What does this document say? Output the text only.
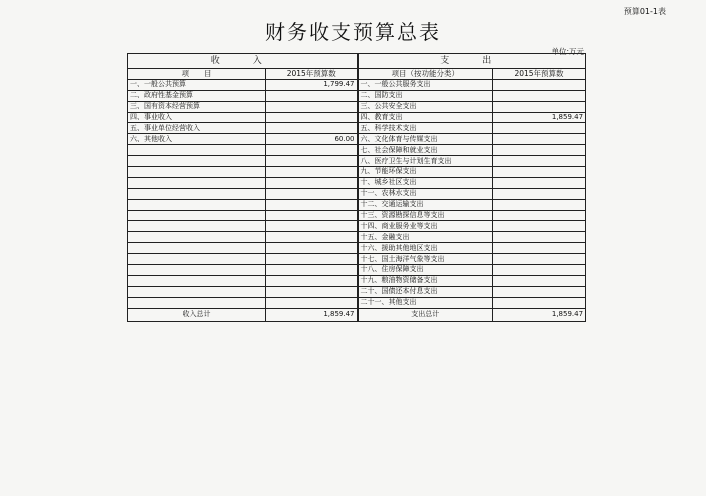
预算01-1表
财务收支预算总表
单位:万元
收　入		支　出	
项　　目	2015年预算数	项目（按功能分类）	2015年预算数
一、一般公共预算	1,799.47	一、一般公共服务支出	
二、政府性基金预算		二、国防支出	
三、国有资本经营预算		三、公共安全支出	
四、事业收入		四、教育支出	1,859.47
五、事业单位经营收入		五、科学技术支出	
六、其他收入	60.00	六、文化体育与传媒支出	
		七、社会保障和就业支出	
		八、医疗卫生与计划生育支出	
		九、节能环保支出	
		十、城乡社区支出	
		十一、农林水支出	
		十二、交通运输支出	
		十三、资源勘探信息等支出	
		十四、商业服务业等支出	
		十五、金融支出	
		十六、援助其他地区支出	
		十七、国土海洋气象等支出	
		十八、住房保障支出	
		十九、粮油物资储备支出	
		二十、国债还本付息支出	
		二十一、其他支出	
收入总计	1,859.47	支出总计	1,859.47
